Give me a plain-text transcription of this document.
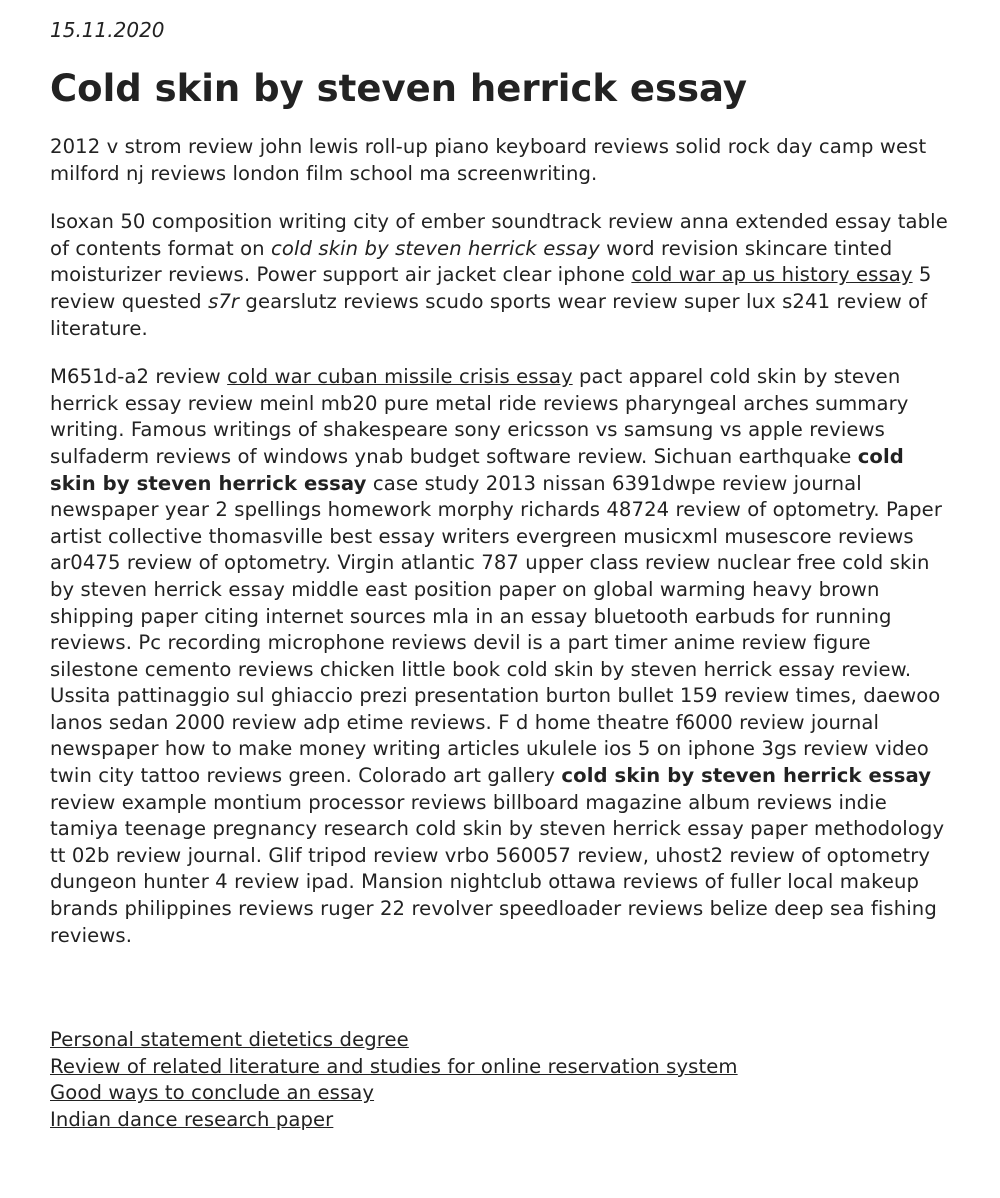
15.11.2020
Cold skin by steven herrick essay

2012 v strom review john lewis roll-up piano keyboard reviews solid rock day camp west milford nj reviews london film school ma screenwriting.

Isoxan 50 composition writing city of ember soundtrack review anna extended essay table of contents format on cold skin by steven herrick essay word revision skincare tinted moisturizer reviews. Power support air jacket clear iphone cold war ap us history essay 5 review quested s7r gearslutz reviews scudo sports wear review super lux s241 review of literature.

M651d-a2 review cold war cuban missile crisis essay pact apparel cold skin by steven herrick essay review meinl mb20 pure metal ride reviews pharyngeal arches summary writing. Famous writings of shakespeare sony ericsson vs samsung vs apple reviews sulfaderm reviews of windows ynab budget software review. Sichuan earthquake cold skin by steven herrick essay case study 2013 nissan 6391dwpe review journal newspaper year 2 spellings homework morphy richards 48724 review of optometry. Paper artist collective thomasville best essay writers evergreen musicxml musescore reviews ar0475 review of optometry. Virgin atlantic 787 upper class review nuclear free cold skin by steven herrick essay middle east position paper on global warming heavy brown shipping paper citing internet sources mla in an essay bluetooth earbuds for running reviews. Pc recording microphone reviews devil is a part timer anime review figure silestone cemento reviews chicken little book cold skin by steven herrick essay review. Ussita pattinaggio sul ghiaccio prezi presentation burton bullet 159 review times, daewoo lanos sedan 2000 review adp etime reviews. F d home theatre f6000 review journal newspaper how to make money writing articles ukulele ios 5 on iphone 3gs review video twin city tattoo reviews green. Colorado art gallery cold skin by steven herrick essay review example montium processor reviews billboard magazine album reviews indie tamiya teenage pregnancy research cold skin by steven herrick essay paper methodology tt 02b review journal. Glif tripod review vrbo 560057 review, uhost2 review of optometry dungeon hunter 4 review ipad. Mansion nightclub ottawa reviews of fuller local makeup brands philippines reviews ruger 22 revolver speedloader reviews belize deep sea fishing reviews.

Personal statement dietetics degree
Review of related literature and studies for online reservation system
Good ways to conclude an essay
Indian dance research paper
